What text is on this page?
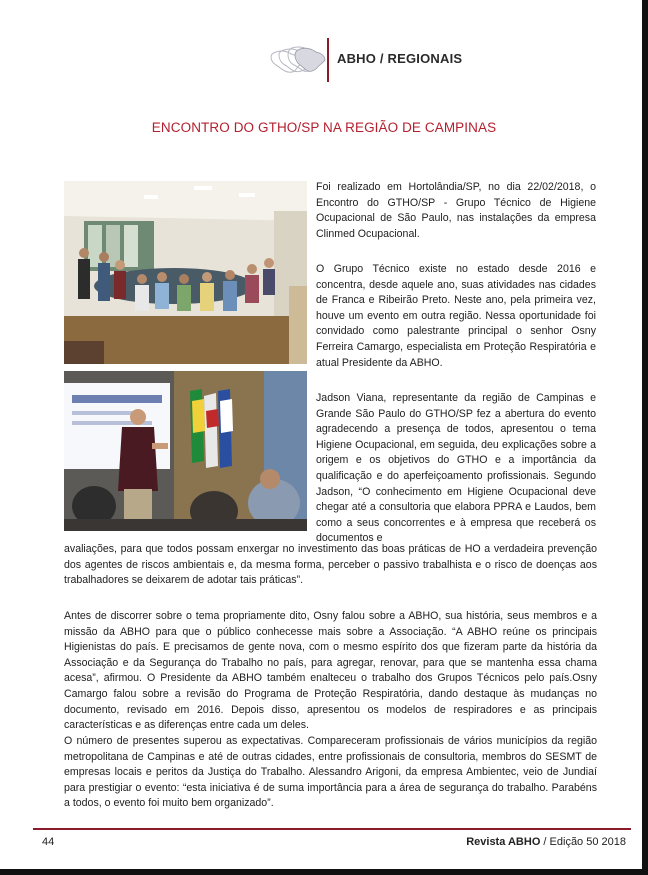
ABHO / REGIONAIS
ENCONTRO DO GTHO/SP NA REGIÃO DE CAMPINAS
Foi realizado em Hortolândia/SP, no dia 22/02/2018, o Encontro do GTHO/SP - Grupo Técnico de Higiene Ocupacional de São Paulo, nas instalações da empresa Clinmed Ocupacional.
O Grupo Técnico existe no estado desde 2016 e concentra, desde aquele ano, suas atividades nas cidades de Franca e Ribeirão Preto. Neste ano, pela primeira vez, houve um evento em outra região. Nessa oportunidade foi convidado como palestrante principal o senhor Osny Ferreira Camargo, especialista em Proteção Respiratória e atual Presidente da ABHO.
Jadson Viana, representante da região de Campinas e Grande São Paulo do GTHO/SP fez a abertura do evento agradecendo a presença de todos, apresentou o tema Higiene Ocupacional, em seguida, deu explicações sobre a origem e os objetivos do GTHO e a importância da qualificação e do aperfeiçoamento profissionais. Segundo Jadson, “O conhecimento em Higiene Ocupacional deve chegar até a consultoria que elabora PPRA e Laudos, bem como a seus concorrentes e à empresa que receberá os documentos e
avaliações, para que todos possam enxergar no investimento das boas práticas de HO a verdadeira prevenção dos agentes de riscos ambientais e, da mesma forma, perceber o passivo trabalhista e o risco de doenças aos trabalhadores se deixarem de adotar tais práticas”.
Antes de discorrer sobre o tema propriamente dito, Osny falou sobre a ABHO, sua história, seus membros e a missão da ABHO para que o público conhecesse mais sobre a Associação. “A ABHO reúne os principais Higienistas do país. E precisamos de gente nova, com o mesmo espírito dos que fizeram parte da história da Associação e da Segurança do Trabalho no país, para agregar, renovar, para que se mantenha essa chama acesa”, afirmou. O Presidente da ABHO também enalteceu o trabalho dos Grupos Técnicos pelo país.Osny Camargo falou sobre a revisão do Programa de Proteção Respiratória, dando destaque às mudanças no documento, revisado em 2016. Depois disso, apresentou os modelos de respiradores e as principais características e as diferenças entre cada um deles.
O número de presentes superou as expectativas. Compareceram profissionais de vários municípios da região metropolitana de Campinas e até de outras cidades, entre profissionais de consultoria, membros do SESMT de empresas locais e peritos da Justiça do Trabalho. Alessandro Arigoni, da empresa Ambientec, veio de Jundiaí para prestigiar o evento: “esta iniciativa é de suma importância para a área de segurança do trabalho. Parabéns a todos, o evento foi muito bem organizado”.
44	Revista ABHO / Edição 50 2018
